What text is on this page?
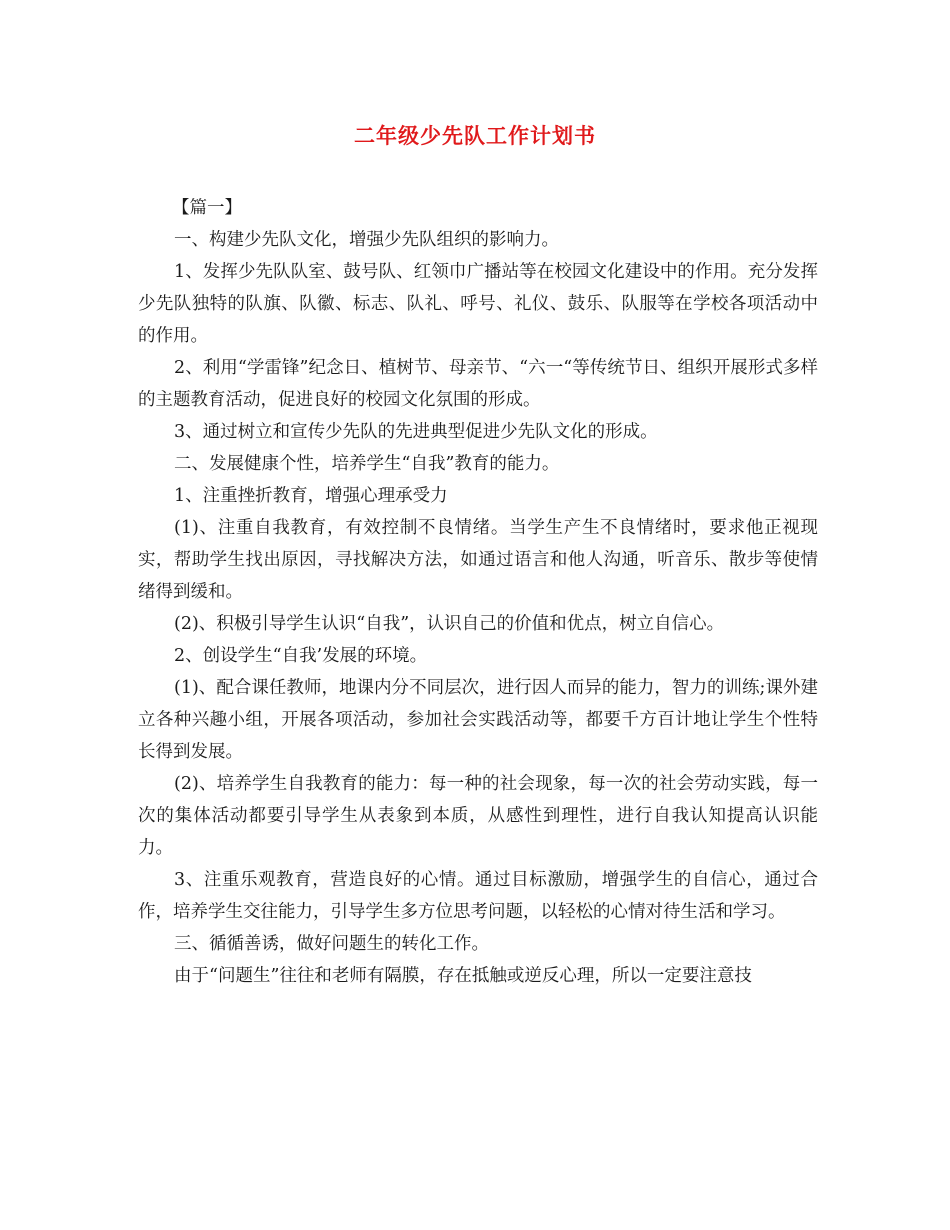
二年级少先队工作计划书

【篇一】

一、构建少先队文化，增强少先队组织的影响力。

1、发挥少先队队室、鼓号队、红领巾广播站等在校园文化建设中的作用。充分发挥少先队独特的队旗、队徽、标志、队礼、呼号、礼仪、鼓乐、队服等在学校各项活动中的作用。

2、利用“学雷锋”纪念日、植树节、母亲节、“六一“等传统节日、组织开展形式多样的主题教育活动，促进良好的校园文化氛围的形成。

3、通过树立和宣传少先队的先进典型促进少先队文化的形成。

二、发展健康个性，培养学生“自我”教育的能力。

1、注重挫折教育，增强心理承受力

(1)、注重自我教育，有效控制不良情绪。当学生产生不良情绪时，要求他正视现实，帮助学生找出原因，寻找解决方法，如通过语言和他人沟通，听音乐、散步等使情绪得到缓和。

(2)、积极引导学生认识“自我”，认识自己的价值和优点，树立自信心。

2、创设学生“自我’发展的环境。

(1)、配合课任教师，地课内分不同层次，进行因人而异的能力，智力的训练;课外建立各种兴趣小组，开展各项活动，参加社会实践活动等，都要千方百计地让学生个性特长得到发展。

(2)、培养学生自我教育的能力：每一种的社会现象，每一次的社会劳动实践，每一次的集体活动都要引导学生从表象到本质，从感性到理性，进行自我认知提高认识能力。

3、注重乐观教育，营造良好的心情。通过目标激励，增强学生的自信心，通过合作，培养学生交往能力，引导学生多方位思考问题，以轻松的心情对待生活和学习。

三、循循善诱，做好问题生的转化工作。

由于“问题生”往往和老师有隔膜，存在抵触或逆反心理，所以一定要注意技
